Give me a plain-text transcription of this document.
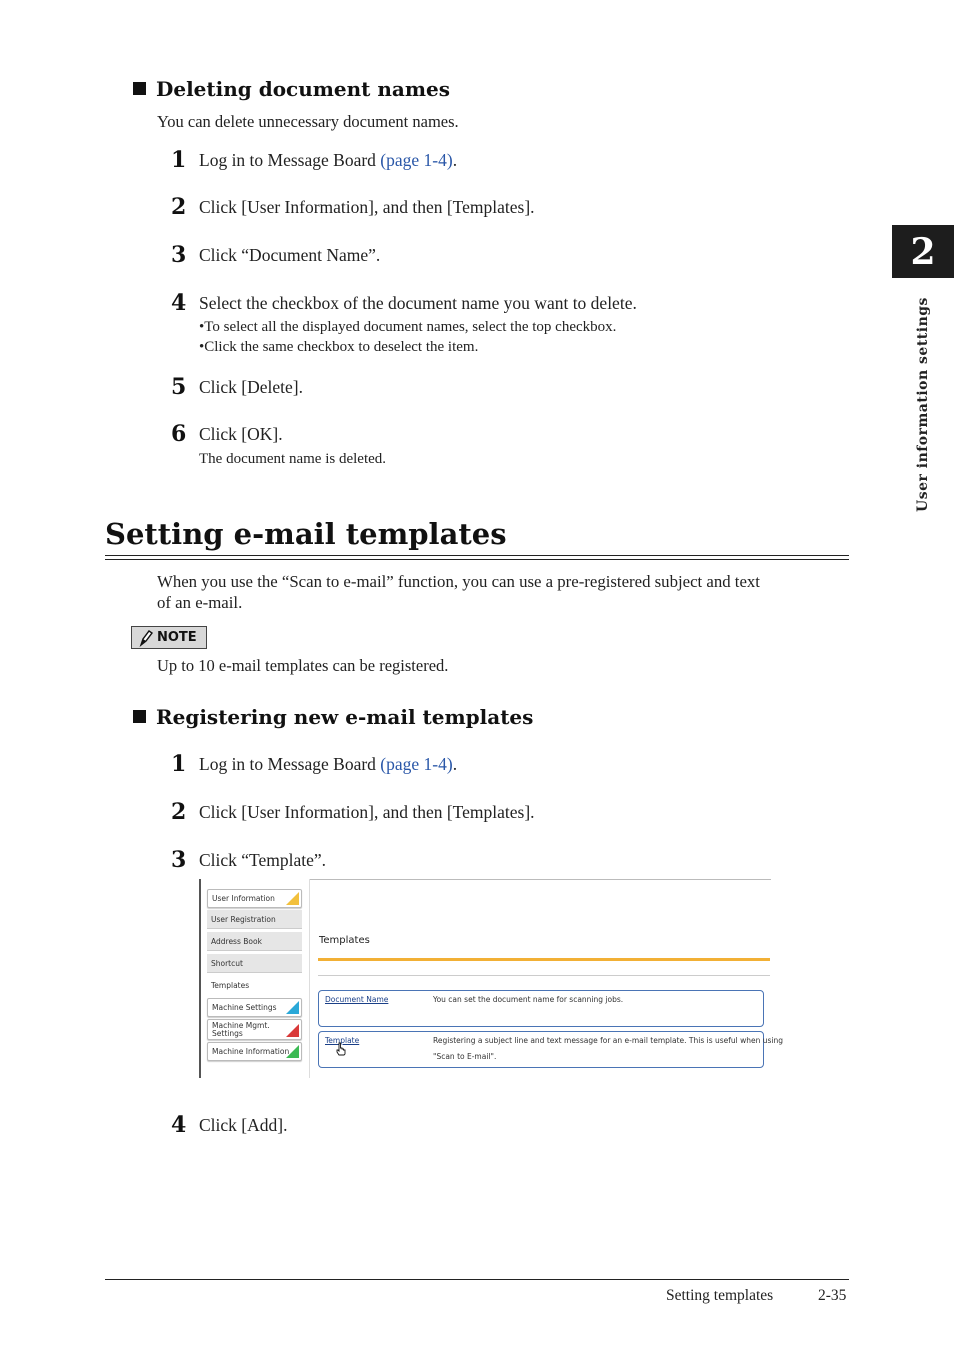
Deleting document names
You can delete unnecessary document names.
1 Log in to Message Board (page 1-4).
2 Click [User Information], and then [Templates].
3 Click “Document Name”.
4 Select the checkbox of the document name you want to delete.
•To select all the displayed document names, select the top checkbox.
•Click the same checkbox to deselect the item.
5 Click [Delete].
6 Click [OK].
The document name is deleted.
Setting e-mail templates
When you use the “Scan to e-mail” function, you can use a pre-registered subject and text
of an e-mail.
NOTE
Up to 10 e-mail templates can be registered.
Registering new e-mail templates
1 Log in to Message Board (page 1-4).
2 Click [User Information], and then [Templates].
3 Click “Template”.
User Information
User Registration
Address Book
Shortcut
Templates
Machine Settings
Machine Mgmt. Settings
Machine Information
Templates
Document Name	You can set the document name for scanning jobs.
Template	Registering a subject line and text message for an e-mail template. This is useful when using
"Scan to E-mail".
4 Click [Add].
2
User information settings
Setting templates	2-35
